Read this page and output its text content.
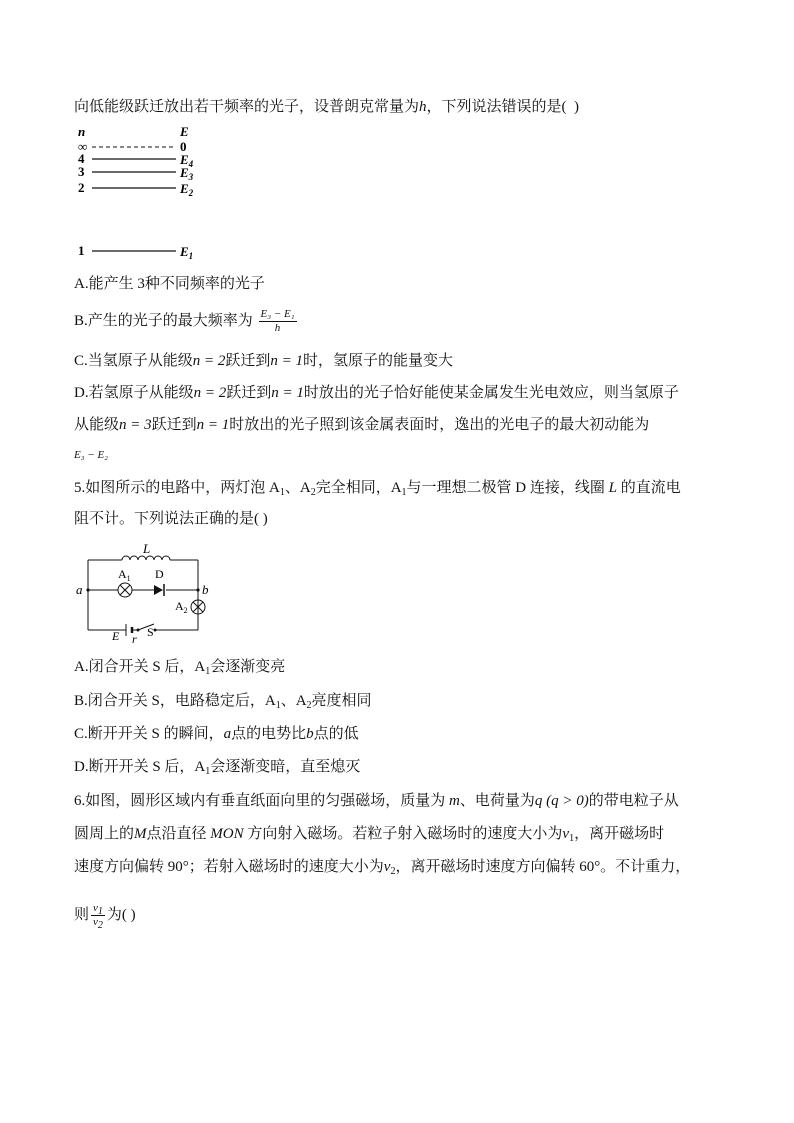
向低能级跃迁放出若干频率的光子，设普朗克常量为h，下列说法错误的是( )
n	E
∞	0
4	$E_4$
3	$E_3$
2	$E_2$
1	$E_1$
A.能产生 3种不同频率的光子
B.产生的光子的最大频率为 $\frac{\text{E₃ − E₁}}{h}$
C.当氢原子从能级n = 2跃迁到n = 1时，氢原子的能量变大
D.若氢原子从能级n = 2跃迁到n = 1时放出的光子恰好能使某金属发生光电效应，则当氢原子
从能级n = 3跃迁到n = 1时放出的光子照到该金属表面时，逸出的光电子的最大初动能为
E₃ − E₂
5.如图所示的电路中，两灯泡 $A_1$、$A_2$完全相同，$A_1$与一理想二极管 D 连接，线圈 L 的直流电
阻不计。下列说法正确的是( )
L
$A_1$ D
b
a
$A_2$
E r S
A.闭合开关 S 后，$A_1$会逐渐变亮
B.闭合开关 S，电路稳定后，$A_1$、$A_2$亮度相同
C.断开开关 S 的瞬间，a点的电势比b点的低
D.断开开关 S 后，$A_1$会逐渐变暗，直至熄灭
6.如图，圆形区域内有垂直纸面向里的匀强磁场，质量为 m、电荷量为q (q > 0)的带电粒子从
圆周上的M点沿直径 MON 方向射入磁场。若粒子射入磁场时的速度大小为$v_1$，离开磁场时
速度方向偏转 90°；若射入磁场时的速度大小为$v_2$，离开磁场时速度方向偏转 60°。不计重力，
则 $\frac{v_1}{v_2}$ 为( )
